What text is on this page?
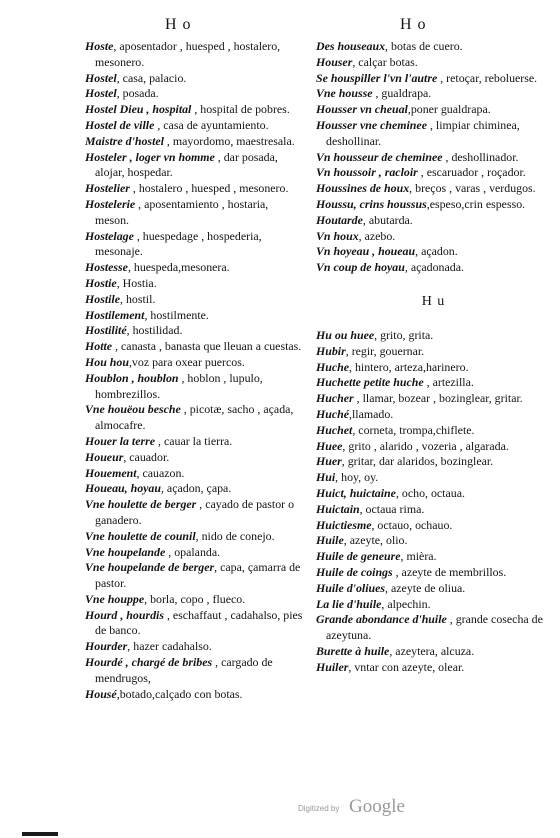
H o	H o

Hoste, aposentador , huesped , hostalero, mesonero.

Hostel, casa, palacio.

Hostel, posada.

Hostel Dieu , hospital , hospital de pobres.

Hostel de ville , casa de ayuntamiento.

Maistre d'hostel , mayordomo, maestresala.

Hosteler , loger vn homme , dar posada, alojar, hospedar.

Hostelier , hostalero , huesped , mesonero.

Hostelerie , aposentamiento , hostaria, meson.

Hostelage , huespedage , hospederia, mesonaje.

Hostesse, huespeda,mesonera.

Hostie, Hostia.

Hostile, hostil.

Hostilement, hostilmente.

Hostilité, hostilidad.

Hotte , canasta , banasta que lleuan a cuestas.

Hou hou,voz para oxear puercos.

Houblon , houblon , hoblon , lupulo, hombrezillos.

Vne houëou besche , picotæ, sacho , açada, almocafre.

Houer la terre , cauar la tierra.

Houeur, cauador.

Houement, cauazon.

Houeau, hoyau, açadon, çapa.

Vne houlette de berger , cayado de pastor o ganadero.

Vne houlette de counil, nido de conejo.

Vne houpelande , opalanda.

Vne houpelande de berger, capa, çamarra de pastor.

Vne houppe, borla, copo , flueco.

Hourd , hourdis , eschaffaut , cadahalso, pies de banco.

Hourder, hazer cadahalso.

Hourdé , chargé de bribes , cargado de mendrugos,

Housé,botado,calçado con botas.

Des houseaux, botas de cuero.

Houser, calçar botas.

Se houspiller l'vn l'autre , retoçar, reboluerse.

Vne housse , gualdrapa.

Housser vn cheual,poner gualdrapa.

Housser vne cheminee , limpiar chiminea, deshollinar.

Vn housseur de cheminee , deshollinador.

Vn houssoir , racloir , escaruador , roçador.

Houssines de houx, breços , varas , verdugos.

Houssu, crins houssus,espeso,crin espesso.

Houtarde, abutarda.

Vn houx, azebo.

Vn hoyeau , houeau, açadon.

Vn coup de hoyau, açadonada.

H u

Hu ou huee, grito, grita.

Hubir, regir, gouernar.

Huche, hintero, arteza,harinero.

Huchette petite huche , artezilla.

Hucher , llamar, bozear , bozinglear, gritar.

Huché,llamado.

Huchet, corneta, trompa,chiflete.

Huee, grito , alarido , vozeria , algarada.

Huer, gritar, dar alaridos, bozinglear.

Hui, hoy, oy.

Huict, huictaine, ocho, octaua.

Huictain, octaua rima.

Huictiesme, octauo, ochauo.

Huile, azeyte, olio.

Huile de geneure, mièra.

Huile de coings , azeyte de membrillos.

Huile d'oliues, azeyte de oliua.

La lie d'huile, alpechin.

Grande abondance d'huile , grande cosecha de azeytuna.

Burette à huile, azeytera, alcuza.

Huiler, vntar con azeyte, olear.

Digitized by Google
